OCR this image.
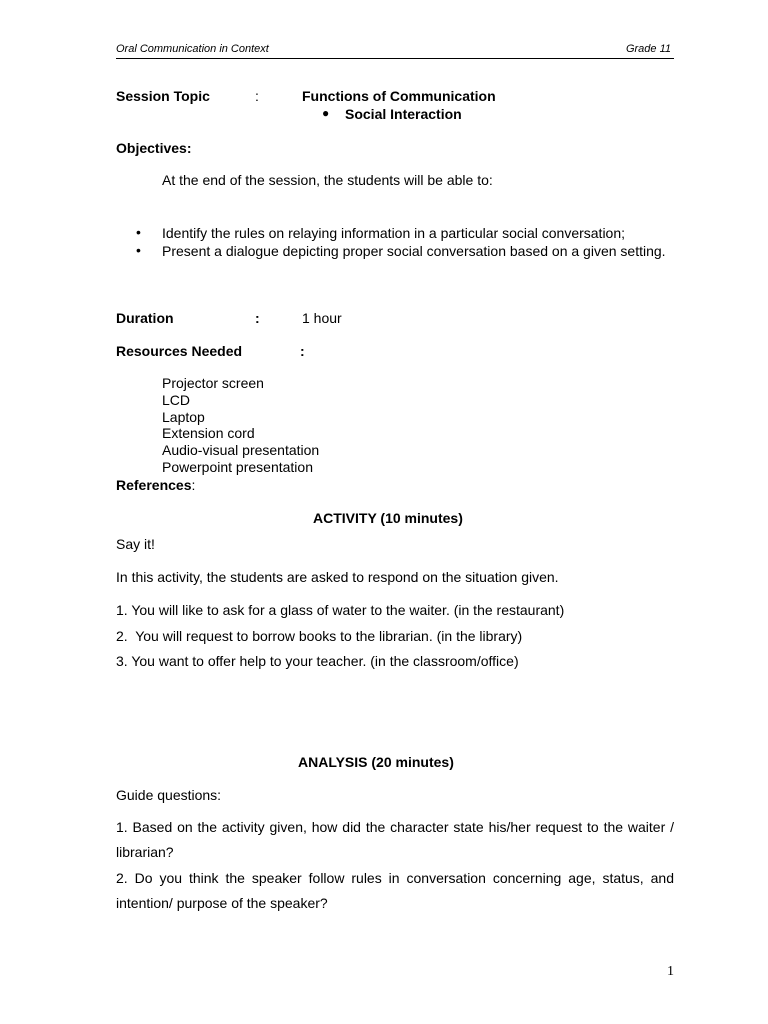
Oral Communication in Context	Grade 11
Session Topic	:	Functions of Communication
● Social Interaction
Objectives:
At the end of the session, the students will be able to:
• Identify the rules on relaying information in a particular social conversation;
• Present a dialogue depicting proper social conversation based on a given setting.
Duration	:	1 hour
Resources Needed	:
Projector screen
LCD
Laptop
Extension cord
Audio-visual presentation
Powerpoint presentation
References:
ACTIVITY (10 minutes)
Say it!
In this activity, the students are asked to respond on the situation given.
1. You will like to ask for a glass of water to the waiter. (in the restaurant)
2.  You will request to borrow books to the librarian. (in the library)
3. You want to offer help to your teacher. (in the classroom/office)
ANALYSIS (20 minutes)
Guide questions:
1. Based on the activity given, how did the character state his/her request to the waiter / librarian?
2. Do you think the speaker follow rules in conversation concerning age, status, and intention/ purpose of the speaker?
1
